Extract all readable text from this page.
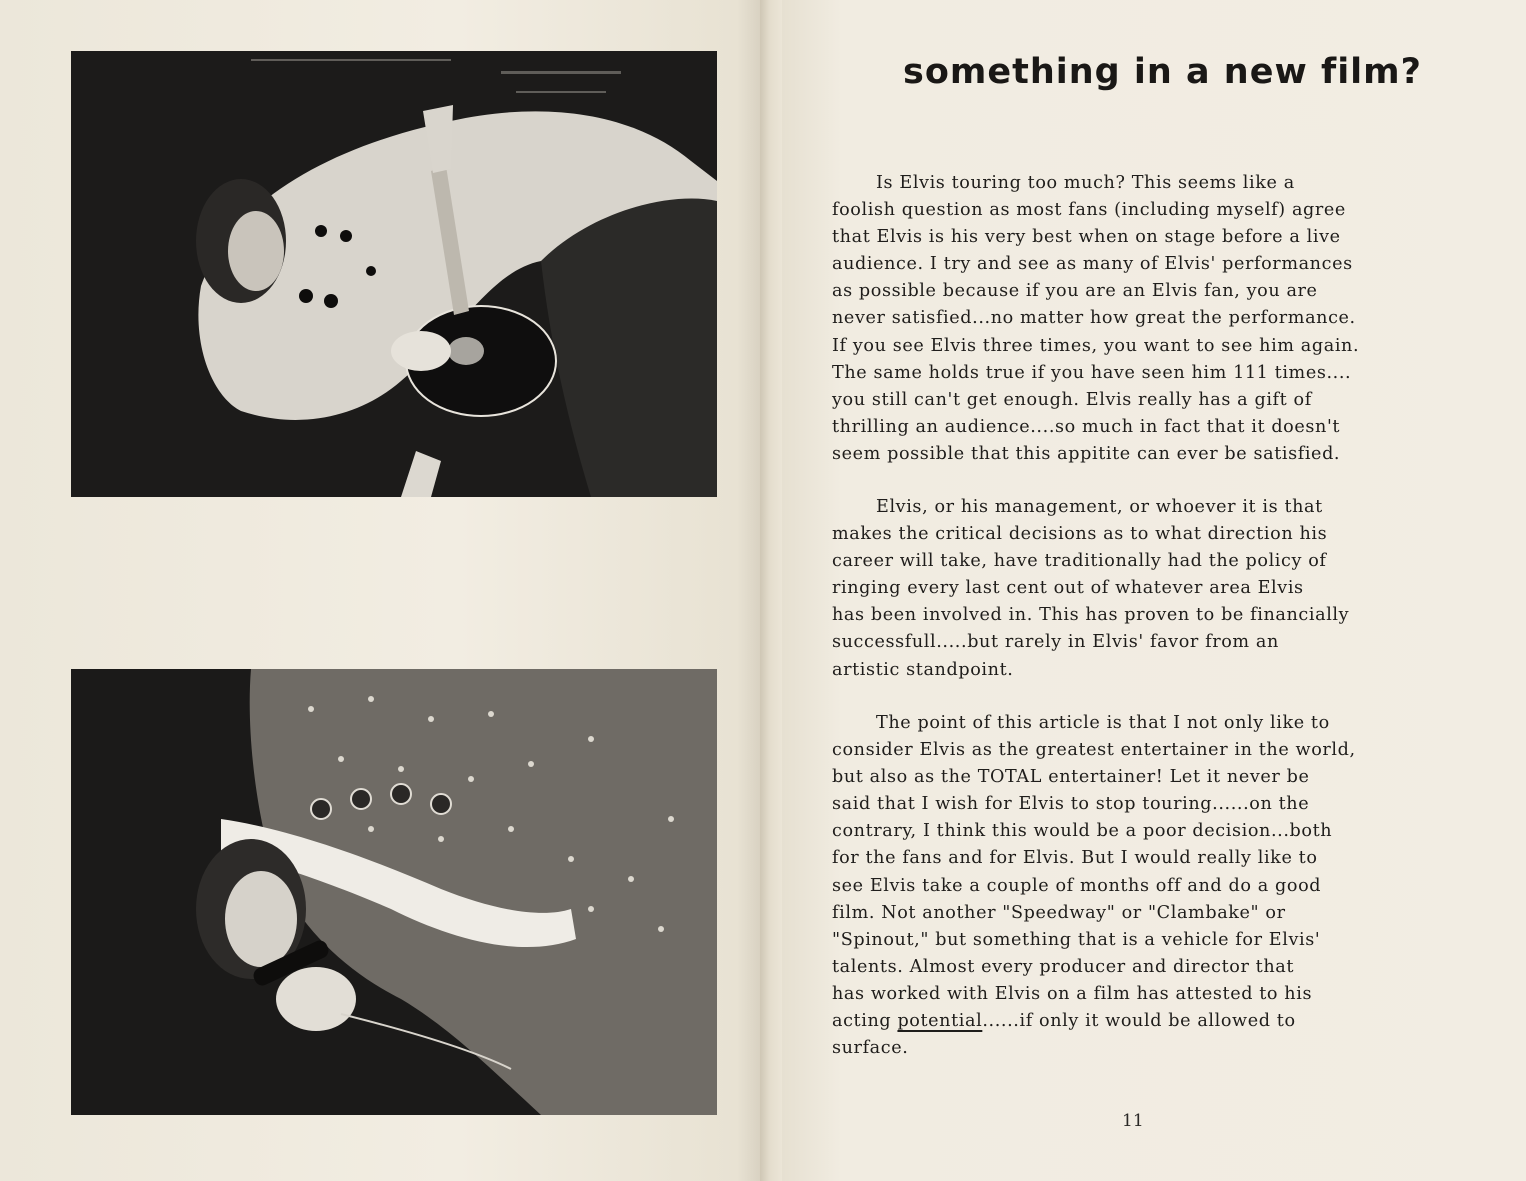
something in a new film?
Is Elvis touring too much? This seems like a
foolish question as most fans (including myself) agree
that Elvis is his very best when on stage before a live
audience. I try and see as many of Elvis' performances
as possible because if you are an Elvis fan, you are
never satisfied...no matter how great the performance.
If you see Elvis three times, you want to see him again.
The same holds true if you have seen him 111 times....
you still can't get enough. Elvis really has a gift of
thrilling an audience....so much in fact that it doesn't
seem possible that this appitite can ever be satisfied.
Elvis, or his management, or whoever it is that
makes the critical decisions as to what direction his
career will take, have traditionally had the policy of
ringing every last cent out of whatever area Elvis
has been involved in. This has proven to be financially
successfull.....but rarely in Elvis' favor from an
artistic standpoint.
The point of this article is that I not only like to
consider Elvis as the greatest entertainer in the world,
but also as the TOTAL entertainer! Let it never be
said that I wish for Elvis to stop touring......on the
contrary, I think this would be a poor decision...both
for the fans and for Elvis. But I would really like to
see Elvis take a couple of months off and do a good
film. Not another "Speedway" or "Clambake" or
"Spinout," but something that is a vehicle for Elvis'
talents. Almost every producer and director that
has worked with Elvis on a film has attested to his
acting potential......if only it would be allowed to
surface.
11
